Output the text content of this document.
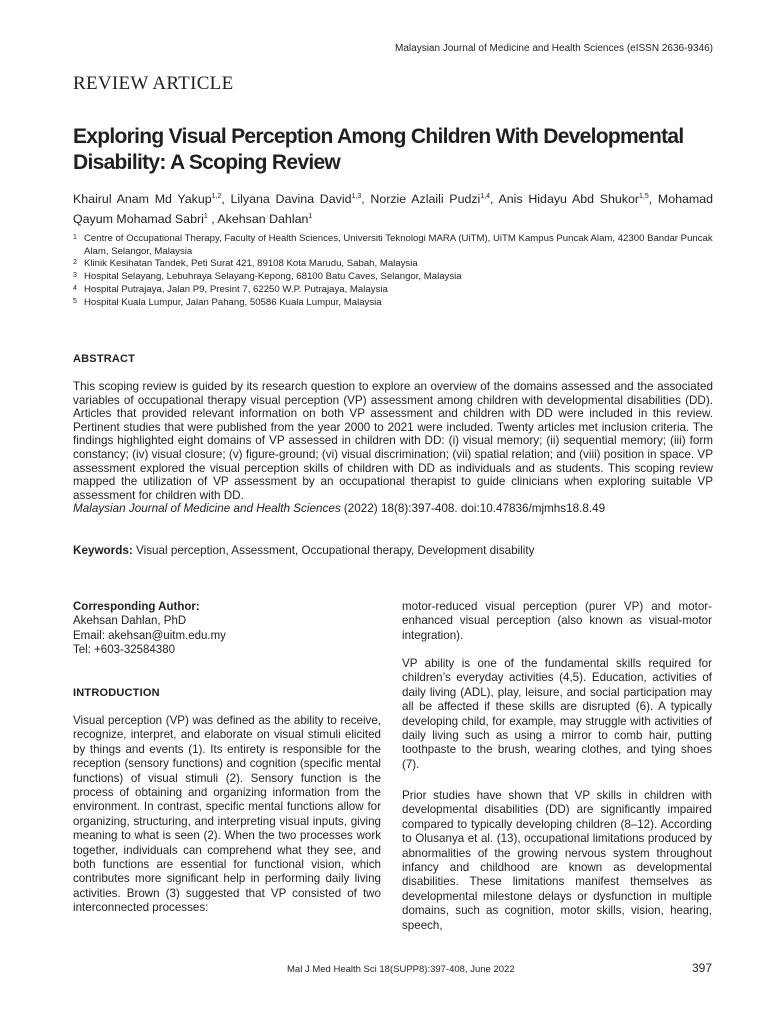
Malaysian Journal of Medicine and Health Sciences (eISSN 2636-9346)
REVIEW ARTICLE
Exploring Visual Perception Among Children With Developmental Disability: A Scoping Review
Khairul Anam Md Yakup$^{1,2}$, Lilyana Davina David$^{1,3}$, Norzie Azlaili Pudzi$^{1,4}$, Anis Hidayu Abd Shukor$^{1,5}$, Mohamad Qayum Mohamad Sabri$^1$ , Akehsan Dahlan$^1$
1 Centre of Occupational Therapy, Faculty of Health Sciences, Universiti Teknologi MARA (UiTM), UiTM Kampus Puncak Alam, 42300 Bandar Puncak Alam, Selangor, Malaysia
2 Klinik Kesihatan Tandek, Peti Surat 421, 89108 Kota Marudu, Sabah, Malaysia
3 Hospital Selayang, Lebuhraya Selayang-Kepong, 68100 Batu Caves, Selangor, Malaysia
4 Hospital Putrajaya, Jalan P9, Presint 7, 62250 W.P. Putrajaya, Malaysia
5 Hospital Kuala Lumpur, Jalan Pahang, 50586 Kuala Lumpur, Malaysia
ABSTRACT
This scoping review is guided by its research question to explore an overview of the domains assessed and the associated variables of occupational therapy visual perception (VP) assessment among children with developmental disabilities (DD). Articles that provided relevant information on both VP assessment and children with DD were included in this review. Pertinent studies that were published from the year 2000 to 2021 were included. Twenty articles met inclusion criteria. The findings highlighted eight domains of VP assessed in children with DD: (i) visual memory; (ii) sequential memory; (iii) form constancy; (iv) visual closure; (v) figure-ground; (vi) visual discrimination; (vii) spatial relation; and (viii) position in space. VP assessment explored the visual perception skills of children with DD as individuals and as students. This scoping review mapped the utilization of VP assessment by an occupational therapist to guide clinicians when exploring suitable VP assessment for children with DD.
Malaysian Journal of Medicine and Health Sciences (2022) 18(8):397-408. doi:10.47836/mjmhs18.8.49
Keywords: Visual perception, Assessment, Occupational therapy, Development disability
Corresponding Author:
Akehsan Dahlan, PhD
Email: akehsan@uitm.edu.my
Tel: +603-32584380
INTRODUCTION
Visual perception (VP) was defined as the ability to receive, recognize, interpret, and elaborate on visual stimuli elicited by things and events (1). Its entirety is responsible for the reception (sensory functions) and cognition (specific mental functions) of visual stimuli (2). Sensory function is the process of obtaining and organizing information from the environment. In contrast, specific mental functions allow for organizing, structuring, and interpreting visual inputs, giving meaning to what is seen (2). When the two processes work together, individuals can comprehend what they see, and both functions are essential for functional vision, which contributes more significant help in performing daily living activities. Brown (3) suggested that VP consisted of two interconnected processes:
motor-reduced visual perception (purer VP) and motor-enhanced visual perception (also known as visual-motor integration).
VP ability is one of the fundamental skills required for children’s everyday activities (4,5). Education, activities of daily living (ADL), play, leisure, and social participation may all be affected if these skills are disrupted (6). A typically developing child, for example, may struggle with activities of daily living such as using a mirror to comb hair, putting toothpaste to the brush, wearing clothes, and tying shoes (7).
Prior studies have shown that VP skills in children with developmental disabilities (DD) are significantly impaired compared to typically developing children (8–12). According to Olusanya et al. (13), occupational limitations produced by abnormalities of the growing nervous system throughout infancy and childhood are known as developmental disabilities. These limitations manifest themselves as developmental milestone delays or dysfunction in multiple domains, such as cognition, motor skills, vision, hearing, speech,
Mal J Med Health Sci 18(SUPP8):397-408, June 2022	397
